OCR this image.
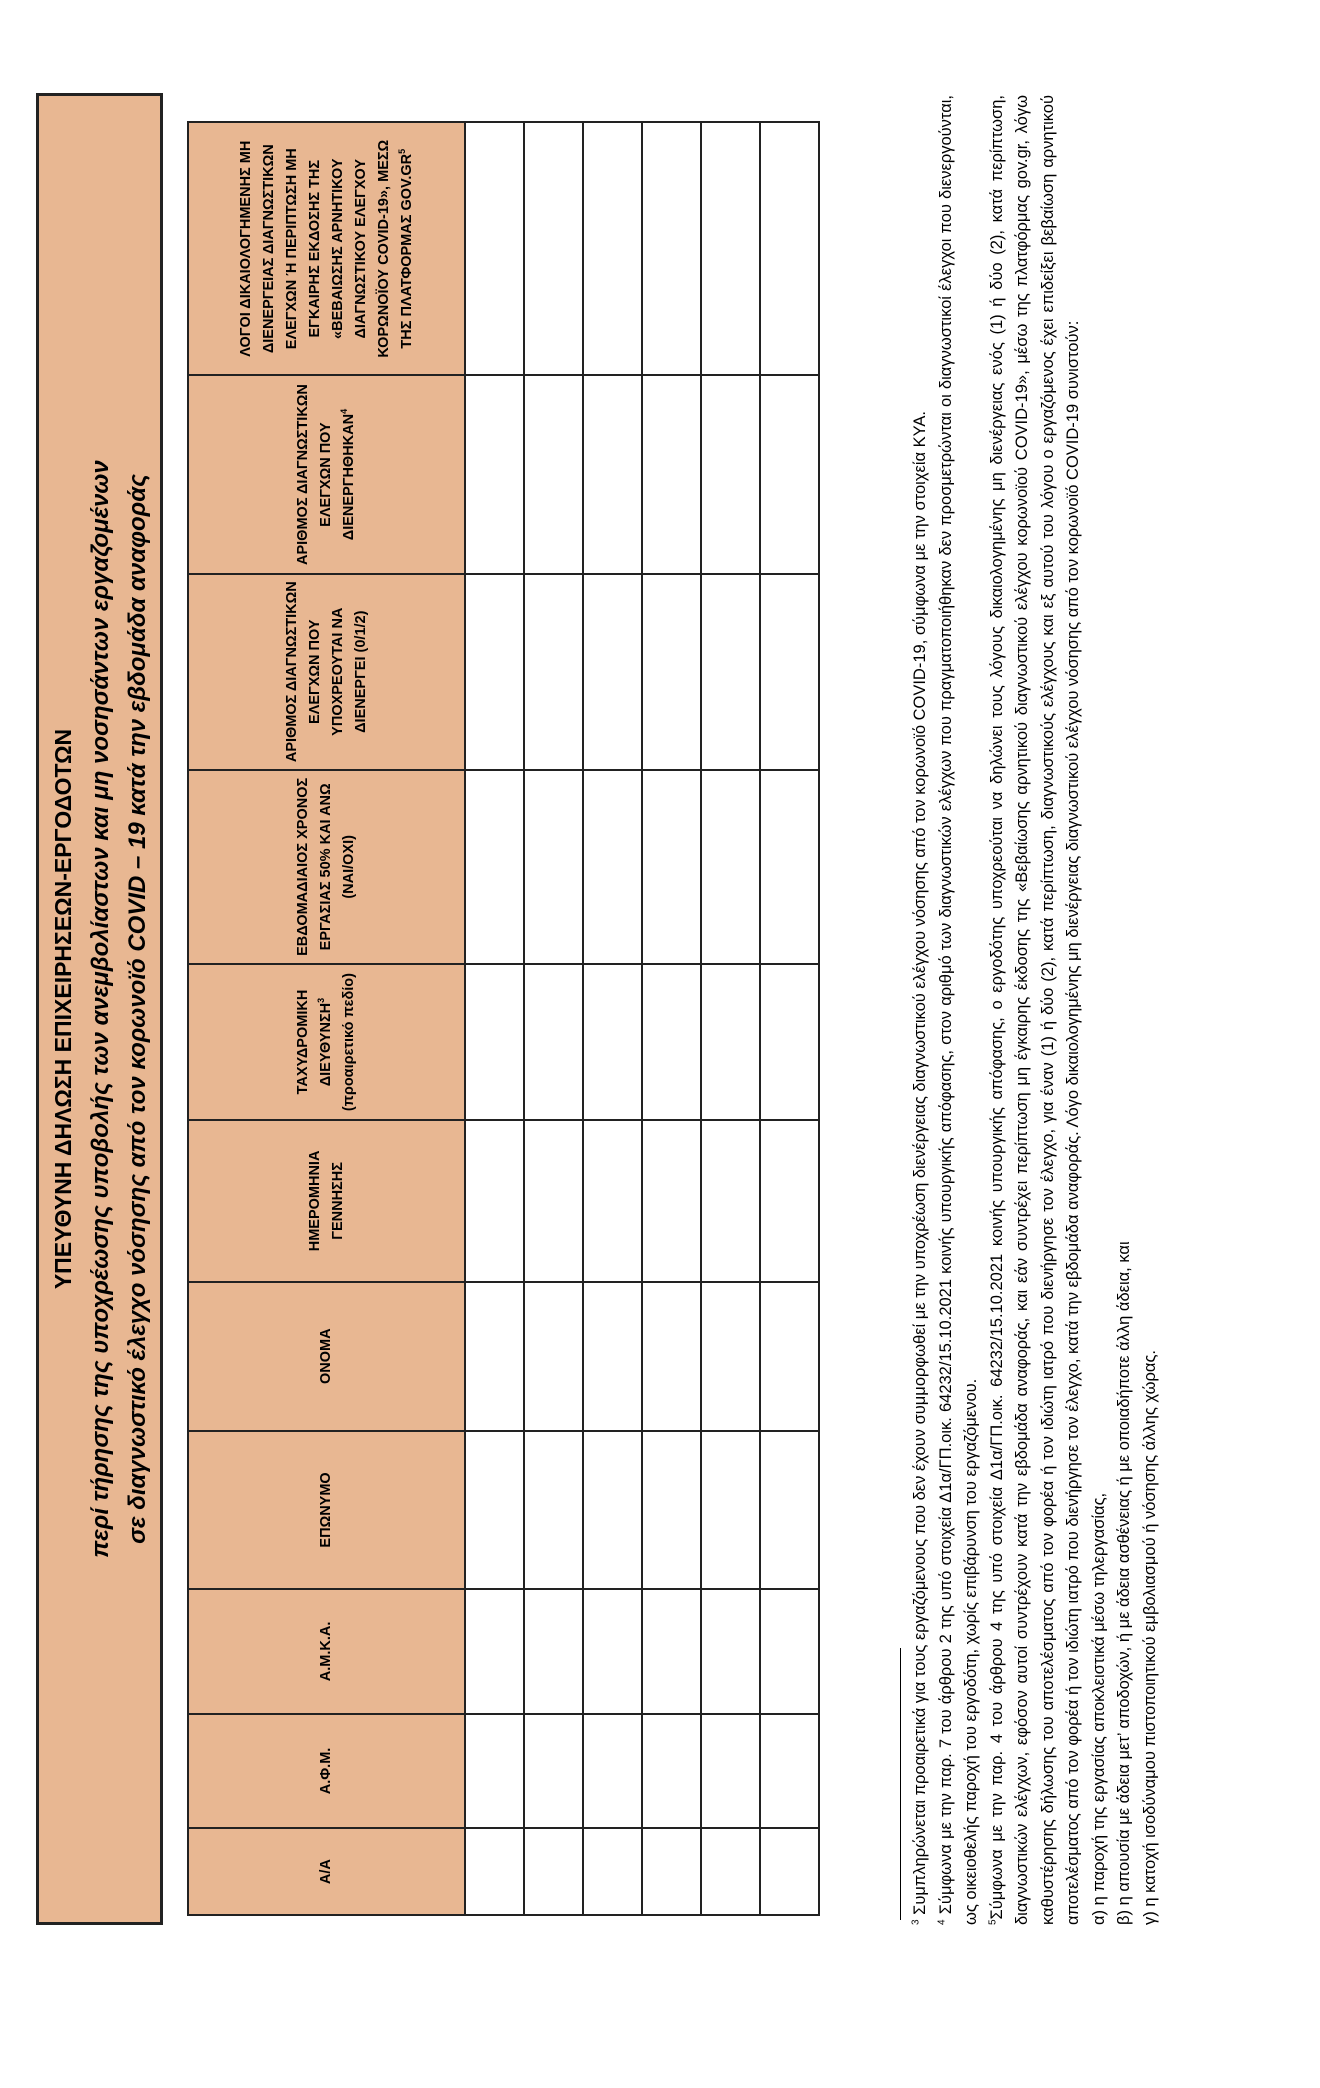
ΥΠΕΥΘΥΝΗ ΔΗΛΩΣΗ ΕΠΙΧΕΙΡΗΣΕΩΝ-ΕΡΓΟΔΟΤΩΝ περί τήρησης της υποχρέωσης υποβολής των ανεμβολίαστων και μη νοσησάντων εργαζομένων σε διαγνωστικό έλεγχο νόσησης από τον κορωνοϊό COVID – 19 κατά την εβδομάδα αναφοράς
Α/Α	Α.Φ.Μ.	Α.Μ.Κ.Α.	ΕΠΩΝΥΜΟ	ΟΝΟΜΑ	ΗΜΕΡΟΜΗΝΙΑ ΓΕΝΝΗΣΗΣ	ΤΑΧΥΔΡΟΜΙΚΗ ΔΙΕΥΘΥΝΣΗ$^3$ (προαιρετικό πεδίο)	ΕΒΔΟΜΑΔΙΑΙΟΣ ΧΡΟΝΟΣ ΕΡΓΑΣΙΑΣ 50% ΚΑΙ ΑΝΩ (ΝΑΙ/ΟΧΙ)	ΑΡΙΘΜΟΣ ΔΙΑΓΝΩΣΤΙΚΩΝ ΕΛΕΓΧΩΝ ΠΟΥ ΥΠΟΧΡΕΟΥΤΑΙ ΝΑ ΔΙΕΝΕΡΓΕΙ (0/1/2)	ΑΡΙΘΜΟΣ ΔΙΑΓΝΩΣΤΙΚΩΝ ΕΛΕΓΧΩΝ ΠΟΥ ΔΙΕΝΕΡΓΗΘΗΚΑΝ$^4$	ΛΟΓΟΙ ΔΙΚΑΙΟΛΟΓΗΜΕΝΗΣ ΜΗ ΔΙΕΝΕΡΓΕΙΑΣ ΔΙΑΓΝΩΣΤΙΚΩΝ ΕΛΕΓΧΩΝ Ή ΠΕΡΙΠΤΩΣΗ ΜΗ ΕΓΚΑΙΡΗΣ ΕΚΔΟΣΗΣ ΤΗΣ «ΒΕΒΑΙΩΣΗΣ ΑΡΝΗΤΙΚΟΥ ΔΙΑΓΝΩΣΤΙΚΟΥ ΕΛΕΓΧΟΥ ΚΟΡΩΝΟΪΟΥ COVID-19», ΜΕΣΩ ΤΗΣ ΠΛΑΤΦΟΡΜΑΣ $GOV.GR^5$

$^3$ Συμπληρώνεται προαιρετικά για τους εργαζόμενους που δεν έχουν συμμορφωθεί με την υποχρέωση διενέργειας διαγνωστικού ελέγχου νόσησης από τον κορωνοϊό COVID-19, σύμφωνα με την στοιχεία ΚΥΑ.

$^4$ Σύμφωνα με την παρ. 7 του άρθρου 2 της υπό στοιχεία Δ1α/ΓΠ.οικ. 64232/15.10.2021 κοινής υπουργικής απόφασης, στον αριθμό των διαγνωστικών ελέγχων που πραγματοποιήθηκαν δεν προσμετρώνται οι διαγνωστικοί έλεγχοι που διενεργούνται, ως οικειοθελής παροχή του εργοδότη, χωρίς επιβάρυνση του εργαζόμενου. $^5$Σύμφωνα με την παρ. 4 του άρθρου 4 της υπό στοιχεία Δ1α/ΓΠ.οικ. 64232/15.10.2021 κοινής υπουργικής απόφασης, ο εργοδότης υποχρεούται να δηλώνει τους λόγους δικαιολογημένης μη διενέργειας ενός (1) ή δύο (2), κατά περίπτωση, διαγνωστικών ελέγχων, εφόσον αυτοί συντρέχουν κατά την εβδομάδα αναφοράς, και εάν συντρέχει περίπτωση μη έγκαιρης έκδοσης της «Βεβαίωσης αρνητικού διαγνωστικού ελέγχου κορωνοϊού COVID-19», μέσω της πλατφόρμας gov.gr, λόγω καθυστέρησης δήλωσης του αποτελέσματος από τον φορέα ή τον ιδιώτη ιατρό που διενήργησε τον έλεγχο, για έναν (1) ή δύο (2), κατά περίπτωση, διαγνωστικούς ελέγχους και εξ αυτού του λόγου ο εργαζόμενος έχει επιδείξει βεβαίωση αρνητικού αποτελέσματος από τον φορέα ή τον ιδιώτη ιατρό που διενήργησε τον έλεγχο, κατά την εβδομάδα αναφοράς. Λόγο δικαιολογημένης μη διενέργειας διαγνωστικού ελέγχου νόσησης από τον κορωνοϊό COVID-19 συνιστούν: α) η παροχή της εργασίας αποκλειστικά μέσω τηλεργασίας, β) η απουσία με άδεια μετ’ αποδοχών, ή με άδεια ασθένειας ή με οποιαδήποτε άλλη άδεια, και γ) η κατοχή ισοδύναμου πιστοποιητικού εμβολιασμού ή νόσησης άλλης χώρας.
